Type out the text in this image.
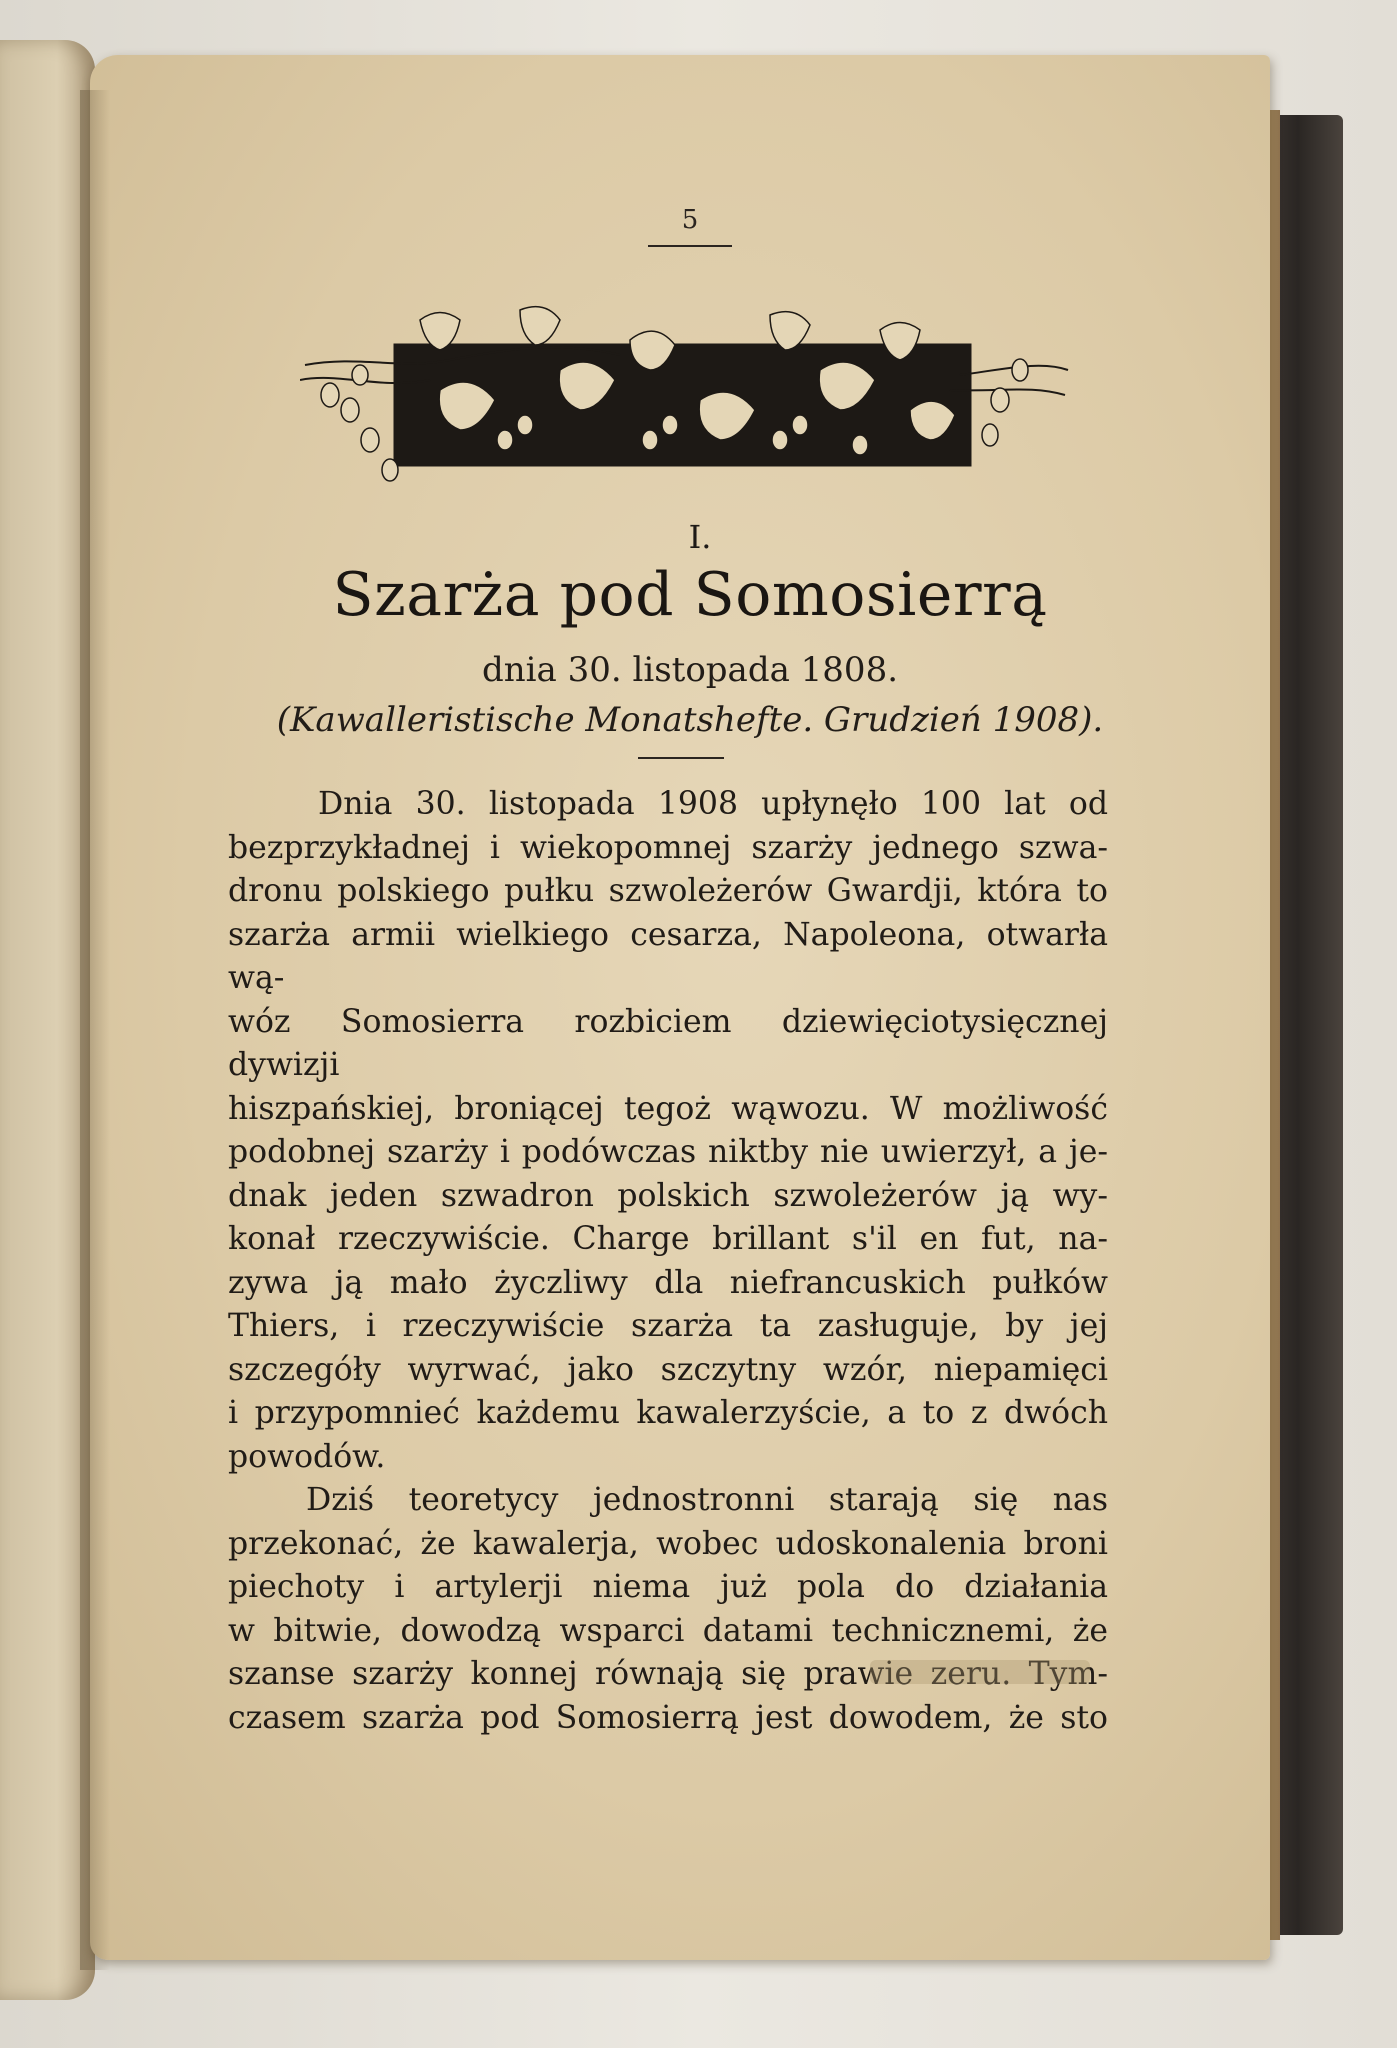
5
I.
Szarża pod Somosierrą
dnia 30. listopada 1808.
(Kawalleristische Monatshefte. Grudzień 1908).

Dnia 30. listopada 1908 upłynęło 100 lat od

bezprzykładnej i wiekopomnej szarży jednego szwa-

dronu polskiego pułku szwoleżerów Gwardji, która to

szarża armii wielkiego cesarza, Napoleona, otwarła wą-

wóz Somosierra rozbiciem dziewięciotysięcznej dywizji

hiszpańskiej, broniącej tegoż wąwozu. W możliwość

podobnej szarży i podówczas niktby nie uwierzył, a je-

dnak jeden szwadron polskich szwoleżerów ją wy-

konał rzeczywiście. Charge brillant s'il en fut, na-

zywa ją mało życzliwy dla niefrancuskich pułków

Thiers, i rzeczywiście szarża ta zasługuje, by jej

szczegóły wyrwać, jako szczytny wzór, niepamięci

i przypomnieć każdemu kawalerzyście, a to z dwóch

powodów.

Dziś teoretycy jednostronni starają się nas

przekonać, że kawalerja, wobec udoskonalenia broni

piechoty i artylerji niema już pola do działania

w bitwie, dowodzą wsparci datami technicznemi, że

szanse szarży konnej równają się prawie zeru. Tym-

czasem szarża pod Somosierrą jest dowodem, że sto
